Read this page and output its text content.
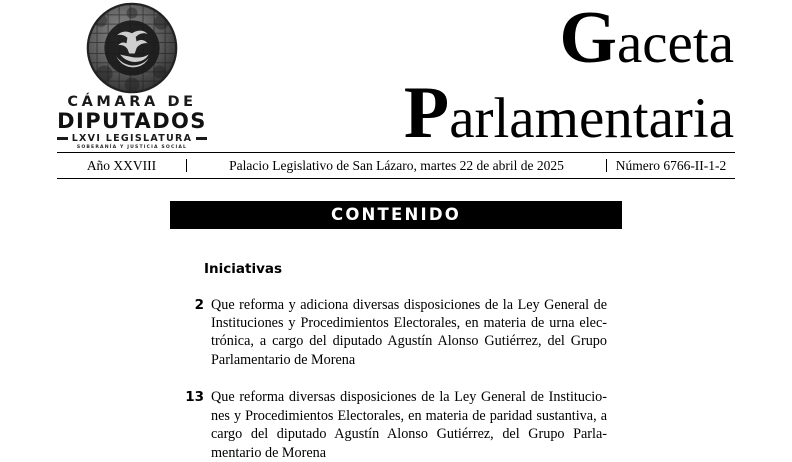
CÁMARA DE
DIPUTADOS
LXVI LEGISLATURA
SOBERANÍA Y JUSTICIA SOCIAL
Gaceta
Parlamentaria
Año XXVIII	Palacio Legislativo de San Lázaro, martes 22 de abril de 2025	Número 6766-II-1-2
CONTENIDO
Iniciativas
2 Que reforma y adiciona diversas disposiciones de la Ley General de Instituciones y Procedimientos Electorales, en materia de urna electrónica, a cargo del diputado Agustín Alonso Gutiérrez, del Grupo Parlamentario de Morena
13 Que reforma diversas disposiciones de la Ley General de Instituciones y Procedimientos Electorales, en materia de paridad sustantiva, a cargo del diputado Agustín Alonso Gutiérrez, del Grupo Parlamentario de Morena
